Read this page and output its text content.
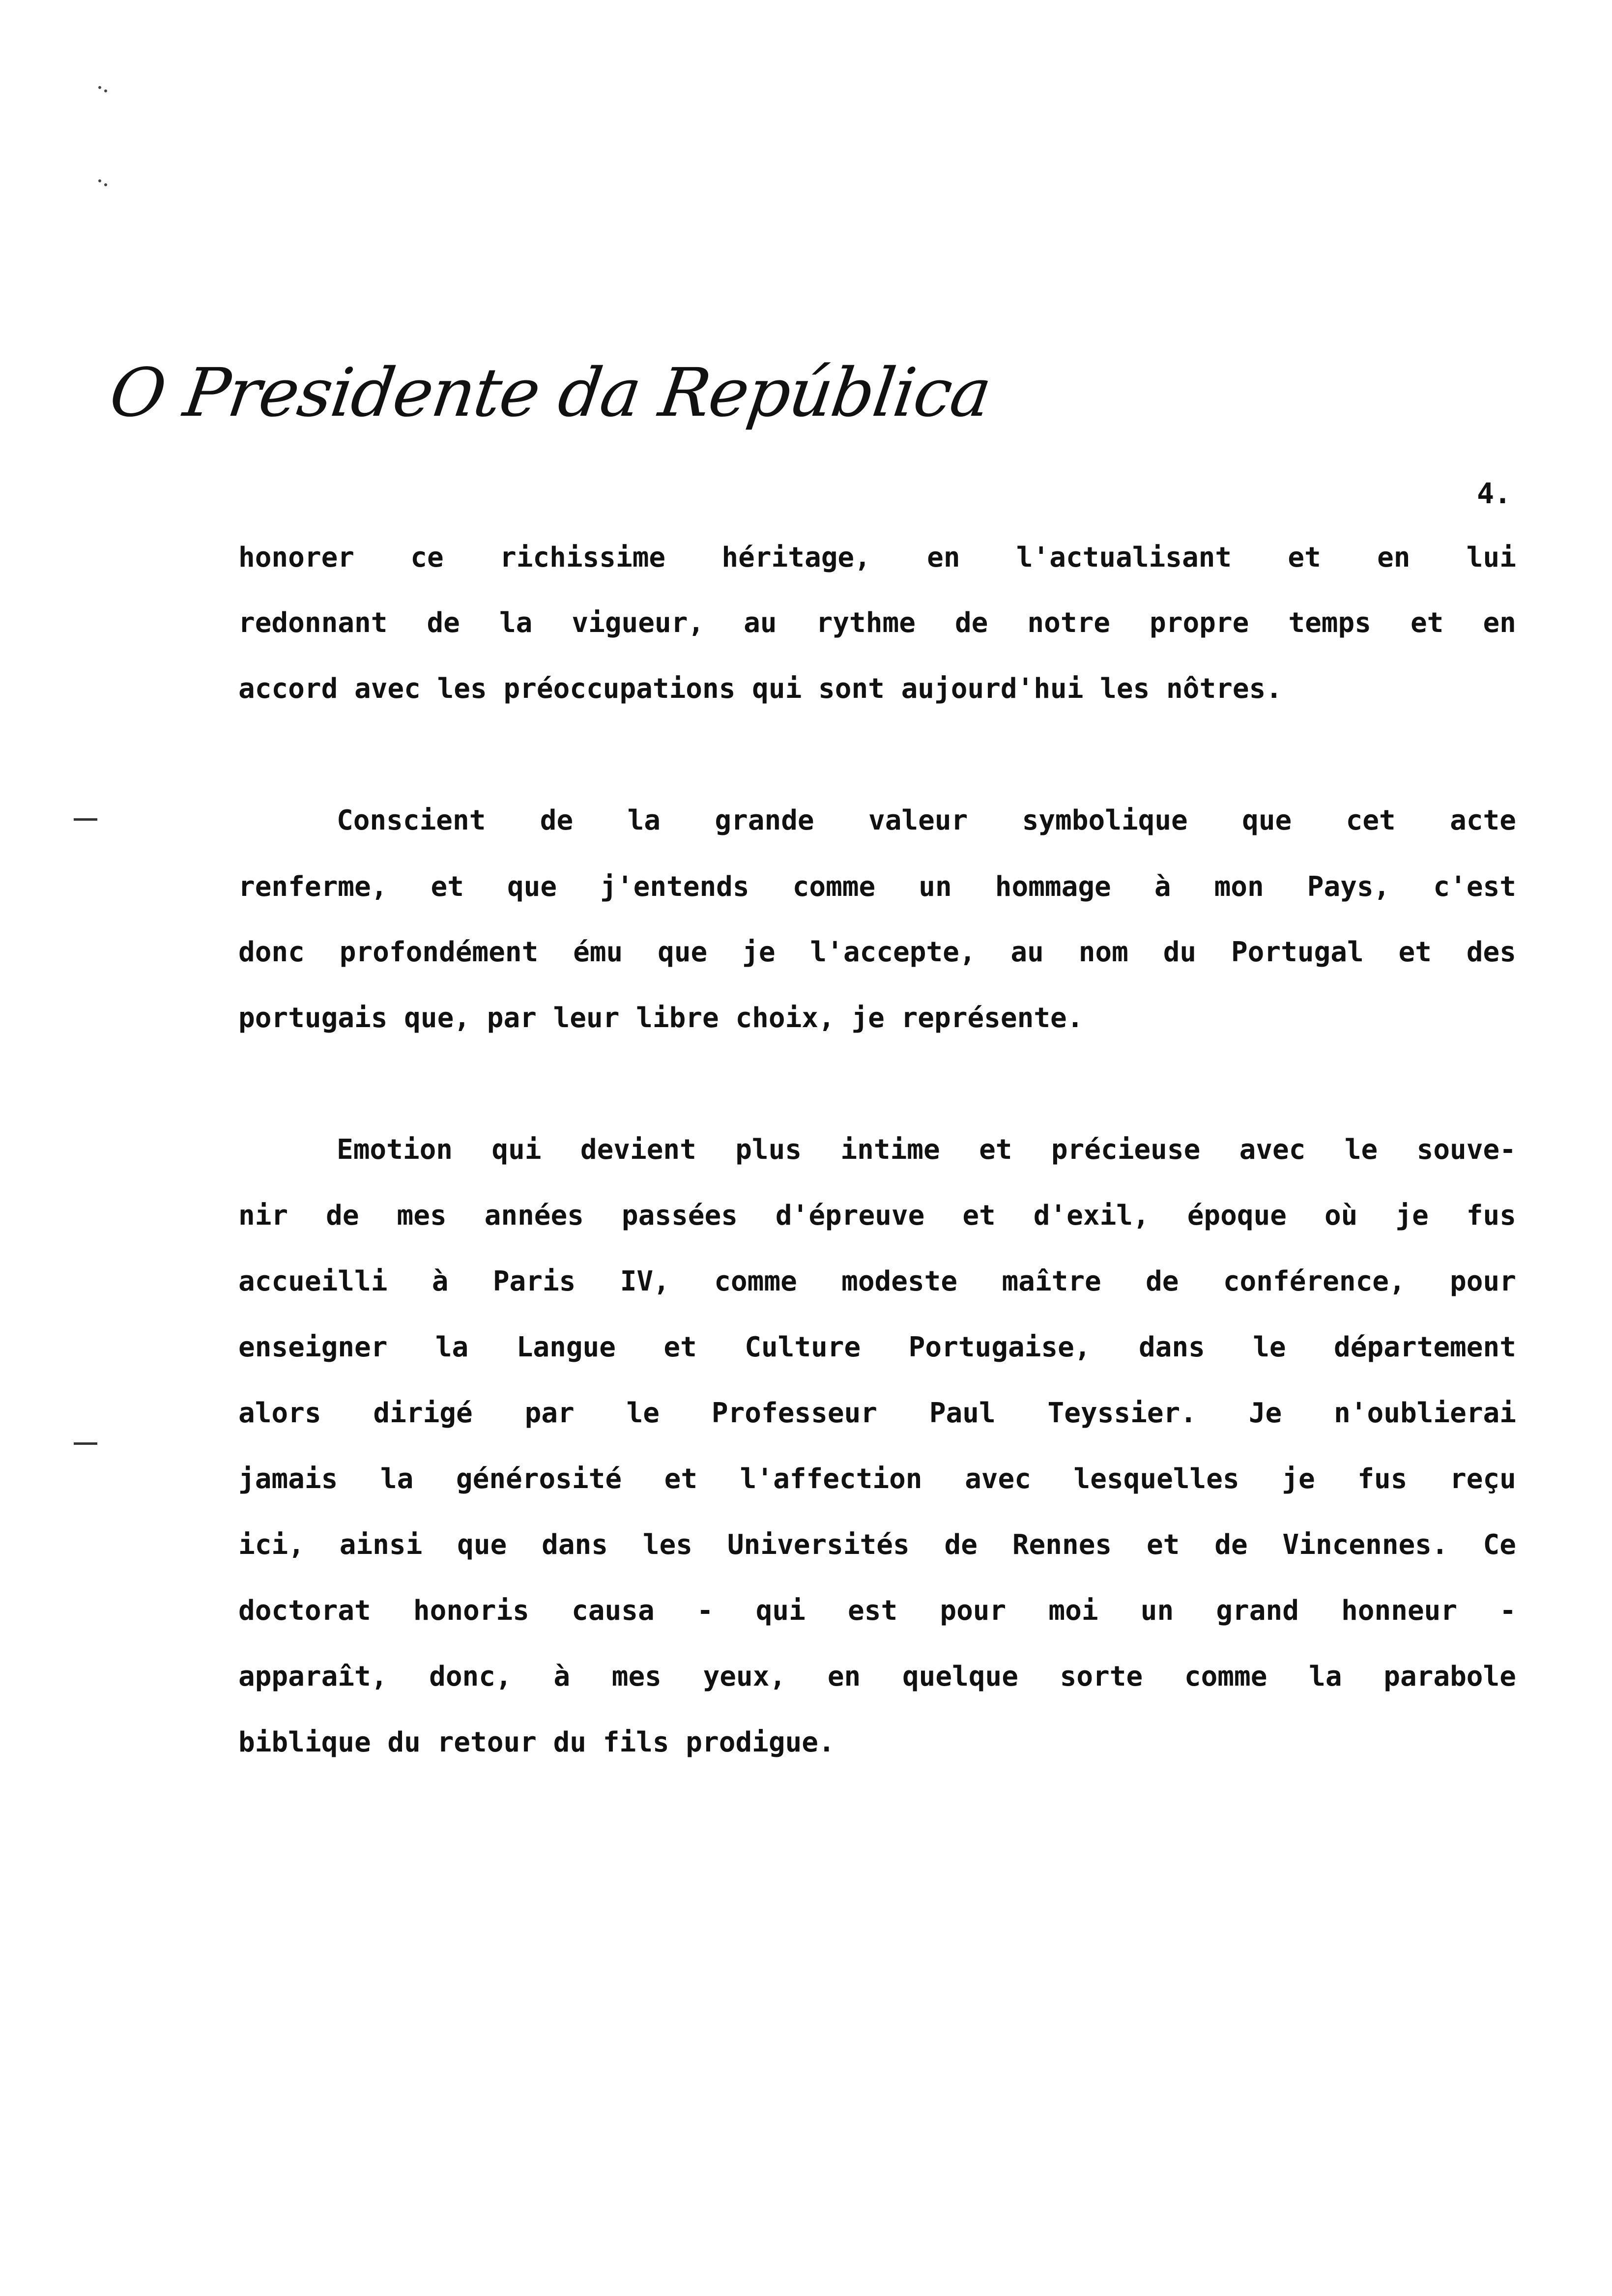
O Presidente da República
4.
honorer ce richissime héritage, en l'actualisant et en lui
redonnant de la vigueur, au rythme de notre propre temps et en
accord avec les préoccupations qui sont aujourd'hui les nôtres.
Conscient de la grande valeur symbolique que cet acte
renferme, et que j'entends comme un hommage à mon Pays, c'est
donc profondément ému que je l'accepte, au nom du Portugal et des
portugais que, par leur libre choix, je représente.
Emotion qui devient plus intime et précieuse avec le souve-
nir de mes années passées d'épreuve et d'exil, époque où je fus
accueilli à Paris IV, comme modeste maître de conférence, pour
enseigner la Langue et Culture Portugaise, dans le département
alors dirigé par le Professeur Paul Teyssier. Je n'oublierai
jamais la générosité et l'affection avec lesquelles je fus reçu
ici, ainsi que dans les Universités de Rennes et de Vincennes. Ce
doctorat honoris causa - qui est pour moi un grand honneur -
apparaît, donc, à mes yeux, en quelque sorte comme la parabole
biblique du retour du fils prodigue.
